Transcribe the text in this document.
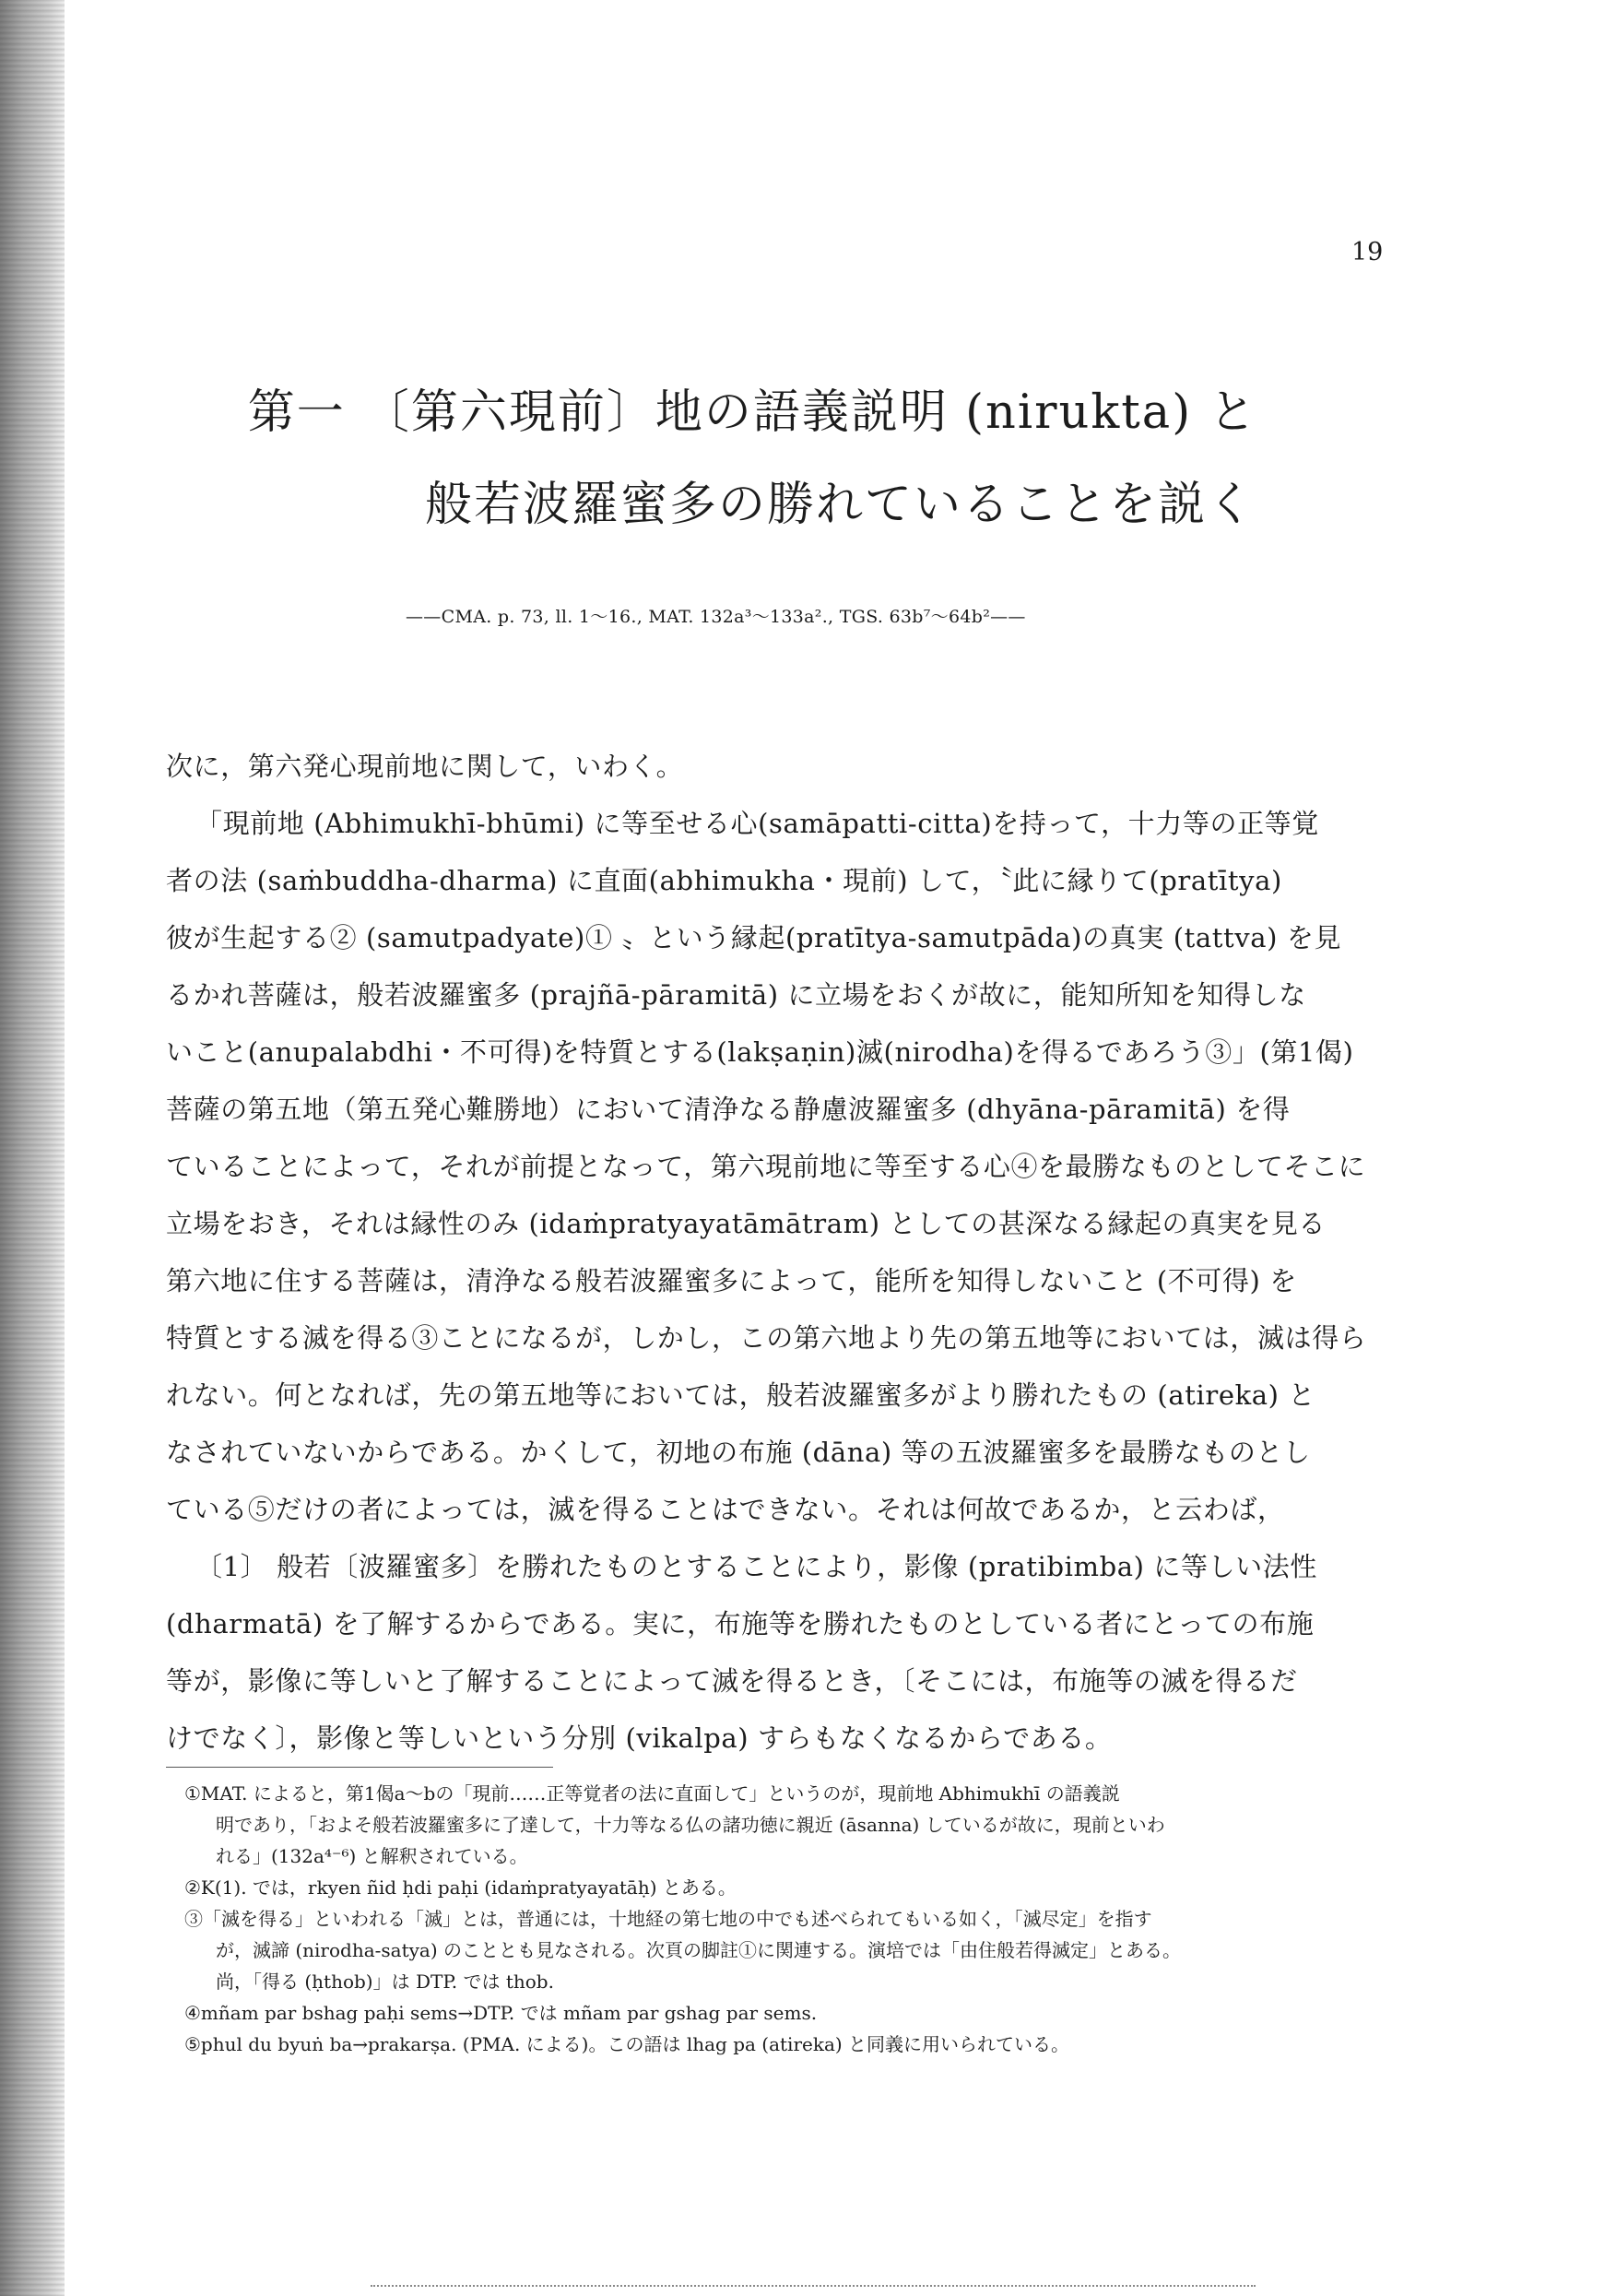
19
第一 〔第六現前〕地の語義説明 (nirukta) と
般若波羅蜜多の勝れていることを説く
——CMA. p. 73, ll. 1～16., MAT. 132a³～133a²., TGS. 63b⁷～64b²——
次に，第六発心現前地に関して，いわく。
「現前地 (Abhimukhī-bhūmi) に等至せる心(samāpatti-citta)を持って，十力等の正等覚
者の法 (saṁbuddha-dharma) に直面(abhimukha・現前) して，〝此に縁りて(pratītya)
彼が生起する② (samutpadyate)① 〟という縁起(pratītya-samutpāda)の真実 (tattva) を見
るかれ菩薩は，般若波羅蜜多 (prajñā-pāramitā) に立場をおくが故に，能知所知を知得しな
いこと(anupalabdhi・不可得)を特質とする(lakṣaṇin)滅(nirodha)を得るであろう③」(第1偈)
菩薩の第五地（第五発心難勝地）において清浄なる静慮波羅蜜多 (dhyāna-pāramitā) を得
ていることによって，それが前提となって，第六現前地に等至する心④を最勝なものとしてそこに
立場をおき，それは縁性のみ (idaṁpratyayatāmātram) としての甚深なる縁起の真実を見る
第六地に住する菩薩は，清浄なる般若波羅蜜多によって，能所を知得しないこと (不可得) を
特質とする滅を得る③ことになるが，しかし，この第六地より先の第五地等においては，滅は得ら
れない。何となれば，先の第五地等においては，般若波羅蜜多がより勝れたもの (atireka) と
なされていないからである。かくして，初地の布施 (dāna) 等の五波羅蜜多を最勝なものとし
ている⑤だけの者によっては，滅を得ることはできない。それは何故であるか，と云わば，
〔1〕 般若〔波羅蜜多〕を勝れたものとすることにより，影像 (pratibimba) に等しい法性
(dharmatā) を了解するからである。実に，布施等を勝れたものとしている者にとっての布施
等が，影像に等しいと了解することによって滅を得るとき，〔そこには，布施等の滅を得るだ
けでなく〕，影像と等しいという分別 (vikalpa) すらもなくなるからである。
①MAT. によると，第1偈a～bの「現前……正等覚者の法に直面して」というのが，現前地 Abhimukhī の語義説
明であり，「およそ般若波羅蜜多に了達して，十力等なる仏の諸功徳に親近 (āsanna) しているが故に，現前といわ
れる」(132a⁴⁻⁶) と解釈されている。
②K(1). では，rkyen ñid ḥdi paḥi (idaṁpratyayatāḥ) とある。
③「滅を得る」といわれる「滅」とは，普通には，十地経の第七地の中でも述べられてもいる如く，「滅尽定」を指す
が，滅諦 (nirodha-satya) のこととも見なされる。次頁の脚註①に関連する。演培では「由住般若得滅定」とある。
尚，「得る (ḥthob)」は DTP. では thob.
④mñam par bshag paḥi sems→DTP. では mñam par gshag par sems.
⑤phul du byuṅ ba→prakarṣa. (PMA. による)。この語は lhag pa (atireka) と同義に用いられている。
